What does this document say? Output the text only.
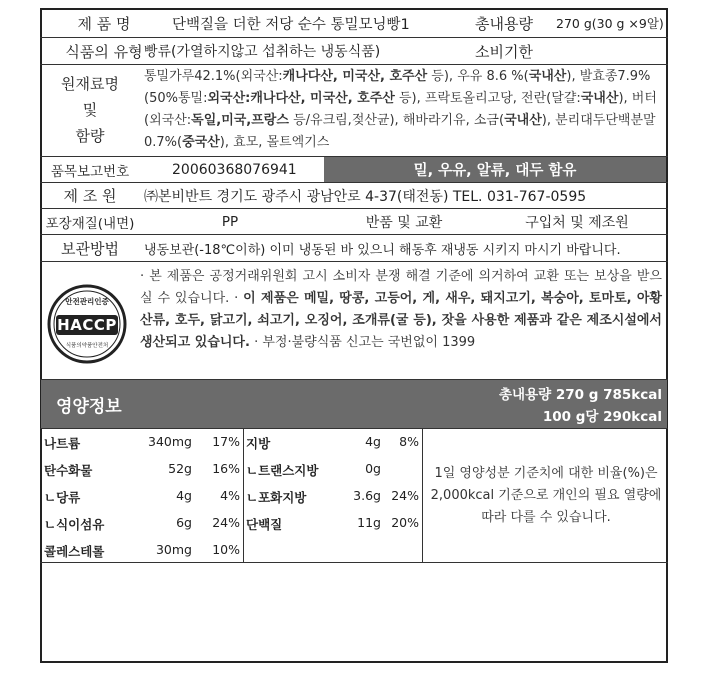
제 품 명	단백질을 더한 저당 순수 통밀모닝빵1	총내용량	270 g(30 g ×9알)
식품의 유형 빵류(가열하지않고 섭취하는 냉동식품)	소비기한
원재료명
및
함량
통밀가루42.1%(외국산:캐나다산, 미국산, 호주산 등), 우유 8.6 %(국내산), 발효종7.9%(50%통밀:외국산:캐나다산, 미국산, 호주산 등), 프락토올리고당, 전란(달걀:국내산), 버터(외국산:독일,미국,프랑스 등/유크림,젖산균), 해바라기유, 소금(국내산), 분리대두단백분말0.7%(중국산), 효모, 몰트엑기스
품목보고번호	20060368076941	밀, 우유, 알류, 대두 함유
제 조 원	㈜본비반트 경기도 광주시 광남안로 4-37(태전동) TEL. 031-767-0595
포장재질(내면)	PP	반품 및 교환	구입처 및 제조원
보관방법	냉동보관(-18℃이하) 이미 냉동된 바 있으니 해동후 재냉동 시키지 마시기 바랍니다.
안전관리인증
HACCP
식품의약품안전처
· 본 제품은 공정거래위원회 고시 소비자 분쟁 해결 기준에 의거하여 교환 또는 보상을 받으실 수 있습니다. · 이 제품은 메밀, 땅콩, 고등어, 게, 새우, 돼지고기, 복숭아, 토마토, 아황산류, 호두, 닭고기, 쇠고기, 오징어, 조개류(굴 등), 잣을 사용한 제품과 같은 제조시설에서 생산되고 있습니다. · 부정·불량식품 신고는 국번없이 1399
영양정보
총내용량 270 g 785kcal
100 g당 290kcal
나트륨	340mg	17%
탄수화물	52g	16%
ㄴ당류	4g	4%
ㄴ식이섬유	6g	24%
콜레스테롤	30mg	10%
지방	4g	8%
ㄴ트랜스지방	0g
ㄴ포화지방	3.6g 24%
단백질	11g 20%
1일 영양성분 기준치에 대한 비율(%)은 2,000kcal 기준으로 개인의 필요 열량에 따라 다를 수 있습니다.
